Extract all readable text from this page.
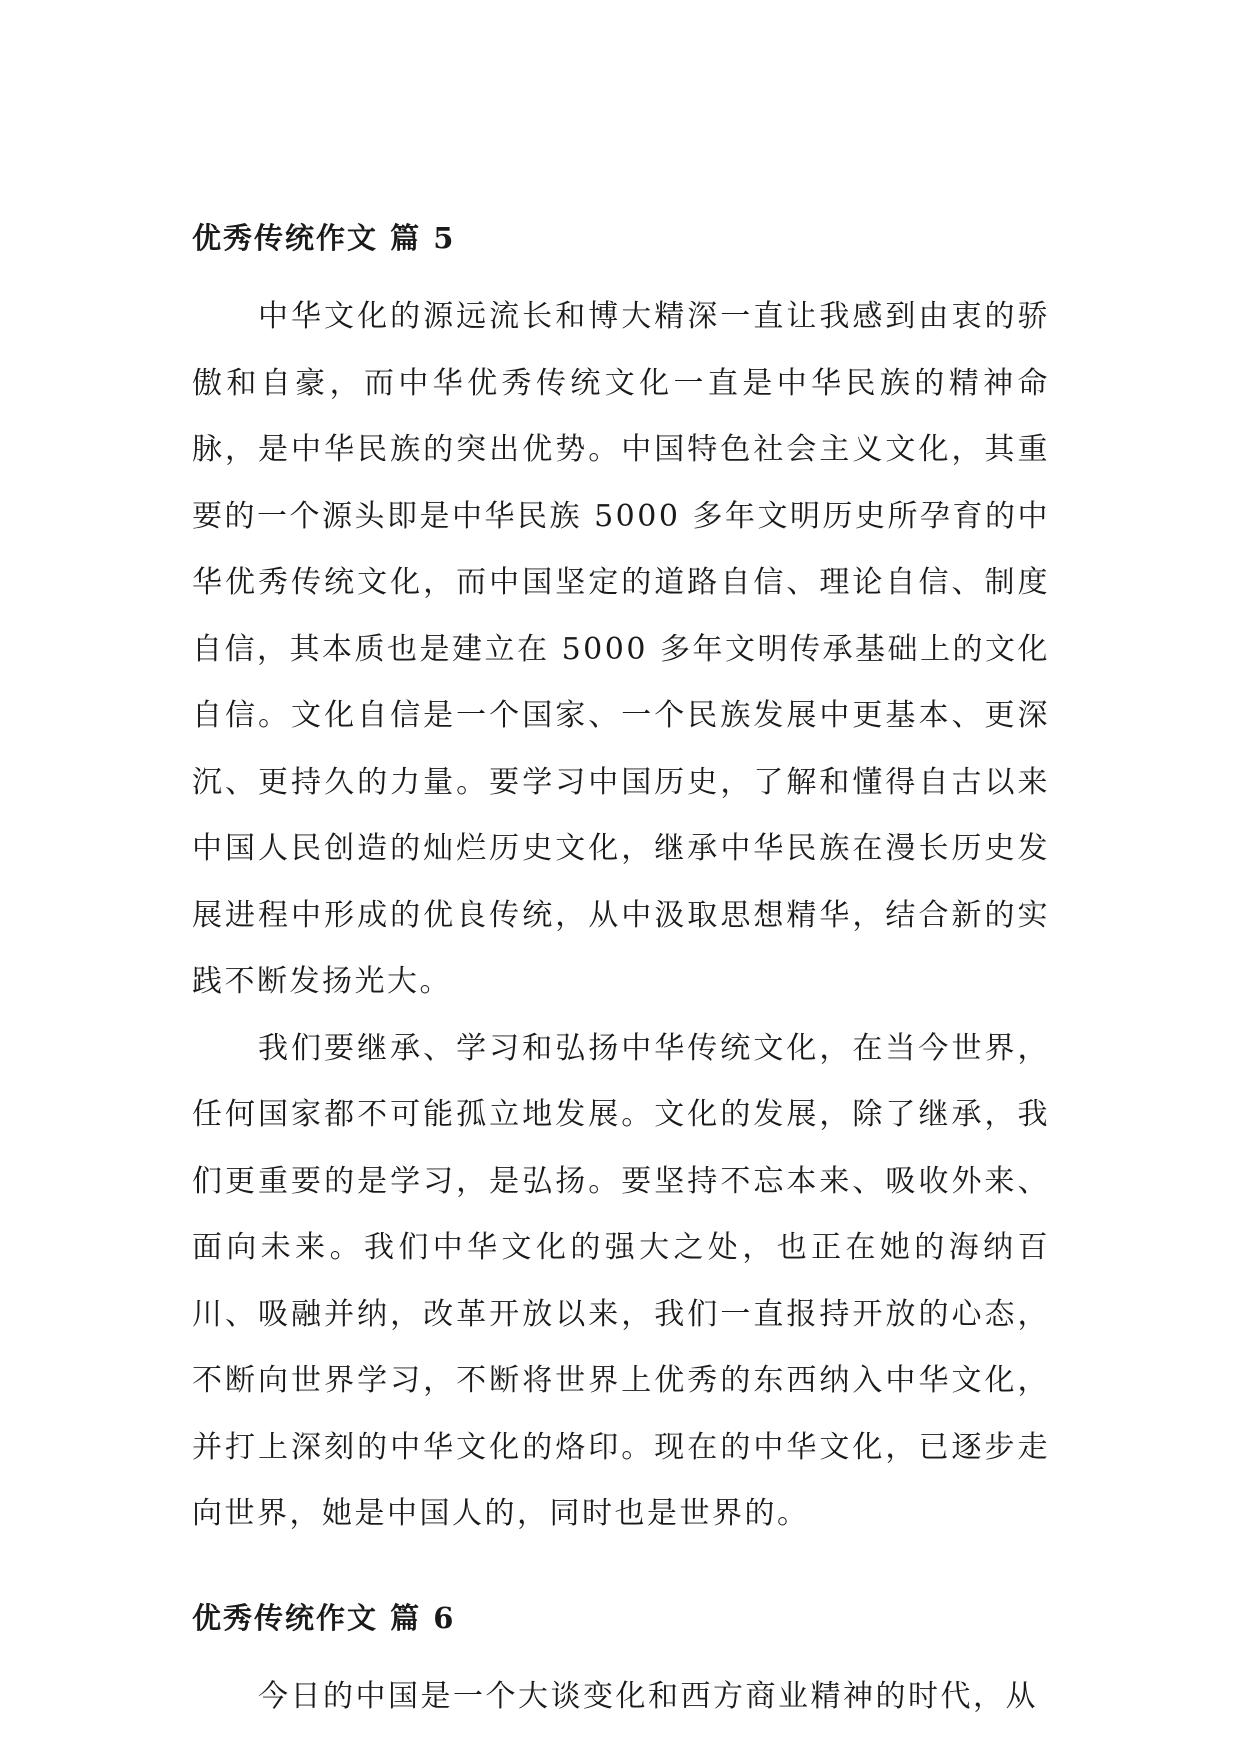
优秀传统作文 篇 5

中华文化的源远流长和博大精深一直让我感到由衷的骄傲和自豪，而中华优秀传统文化一直是中华民族的精神命脉，是中华民族的突出优势。中国特色社会主义文化，其重要的一个源头即是中华民族 5000 多年文明历史所孕育的中华优秀传统文化，而中国坚定的道路自信、理论自信、制度自信，其本质也是建立在 5000 多年文明传承基础上的文化自信。文化自信是一个国家、一个民族发展中更基本、更深沉、更持久的力量。要学习中国历史，了解和懂得自古以来中国人民创造的灿烂历史文化，继承中华民族在漫长历史发展进程中形成的优良传统，从中汲取思想精华，结合新的实践不断发扬光大。

我们要继承、学习和弘扬中华传统文化，在当今世界，任何国家都不可能孤立地发展。文化的发展，除了继承，我们更重要的是学习，是弘扬。要坚持不忘本来、吸收外来、面向未来。我们中华文化的强大之处，也正在她的海纳百川、吸融并纳，改革开放以来，我们一直报持开放的心态，不断向世界学习，不断将世界上优秀的东西纳入中华文化，并打上深刻的中华文化的烙印。现在的中华文化，已逐步走向世界，她是中国人的，同时也是世界的。

优秀传统作文 篇 6

今日的中国是一个大谈变化和西方商业精神的时代，从
